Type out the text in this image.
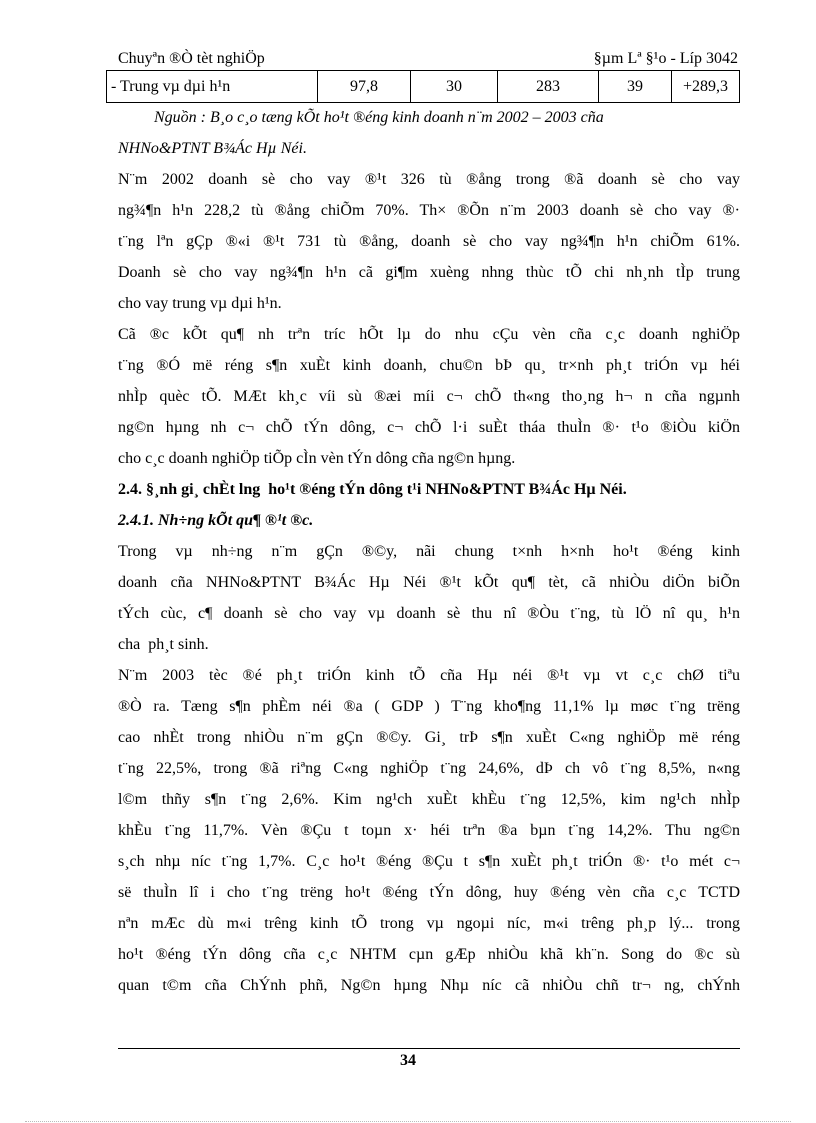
Chuyªn ®Ò tèt nghiÖp	§µm Lª §¹o - Líp 3042
- Trung vµ dµi h¹n	97,8	30	283	39	+289,3
Nguồn : B¸o c¸o tæng kÕt ho¹t ®éng kinh doanh n¨m 2002 – 2003 cña
NHNo&PTNT B¾Ác Hµ Néi.
N¨m 2002 doanh sè cho vay ®¹t 326 tù ®ång trong ®ã doanh sè cho vay
ng¾¶n h¹n 228,2 tù ®ång chiÕm 70%. Th× ®Õn n¨m 2003 doanh sè cho vay ®·
t¨ng lªn gÇp ®«i ®¹t 731 tù ®ång, doanh sè cho vay ng¾¶n h¹n chiÕm 61%.
Doanh sè cho vay ng¾¶n h¹n cã gi¶m xuèng nhng thùc tÕ chi nh¸nh tÌp trung
cho vay trung vµ dµi h¹n.
Cã ®c kÕt qu¶ nh trªn tríc hÕt lµ do nhu cÇu vèn cña c¸c doanh nghiÖp
t¨ng ®Ó më réng s¶n xuÈt kinh doanh, chu©n bÞ qu¸ tr×nh ph¸t triÓn vµ héi
nhÌp quèc tÕ. MÆt kh¸c víi sù ®æi míi c¬ chÕ th«ng tho¸ng h¬ n cña ngµnh
ng©n hµng nh c¬ chÕ tÝn dông, c¬ chÕ l·i suÈt tháa thuÌn ®· t¹o ®iÒu kiÖn
cho c¸c doanh nghiÖp tiÕp cÌn vèn tÝn dông cña ng©n hµng.
2.4. §¸nh gi¸ chÈt lng  ho¹t ®éng tÝn dông t¹i NHNo&PTNT B¾Ác Hµ Néi.
2.4.1. Nh÷ng kÕt qu¶ ®¹t ®c.
Trong vµ nh÷ng n¨m gÇn ®©y, nãi chung t×nh h×nh ho¹t ®éng kinh
doanh cña NHNo&PTNT B¾Ác Hµ Néi ®¹t kÕt qu¶ tèt, cã nhiÒu diÖn biÕn
tÝch cùc, c¶ doanh sè cho vay vµ doanh sè thu nî ®Òu t¨ng, tù lÖ nî qu¸ h¹n
cha  ph¸t sinh.
N¨m 2003 tèc ®é ph¸t triÓn kinh tÕ cña Hµ néi ®¹t vµ vt c¸c chØ tiªu
®Ò ra. Tæng s¶n phÈm néi ®a ( GDP ) T¨ng kho¶ng 11,1% lµ møc t¨ng trëng
cao nhÈt trong nhiÒu n¨m gÇn ®©y. Gi¸ trÞ s¶n xuÈt C«ng nghiÖp më réng
t¨ng 22,5%, trong ®ã riªng C«ng nghiÖp t¨ng 24,6%, dÞ ch vô t¨ng 8,5%, n«ng
l©m thñy s¶n t¨ng 2,6%. Kim ng¹ch xuÈt khÈu t¨ng 12,5%, kim ng¹ch nhÌp
khÈu t¨ng 11,7%. Vèn ®Çu t toµn x· héi trªn ®a bµn t¨ng 14,2%. Thu ng©n
s¸ch nhµ níc t¨ng 1,7%. C¸c ho¹t ®éng ®Çu t s¶n xuÈt ph¸t triÓn ®· t¹o mét c¬
së thuÌn lî i cho t¨ng trëng ho¹t ®éng tÝn dông, huy ®éng vèn cña c¸c TCTD
nªn mÆc dù m«i trêng kinh tÕ trong vµ ngoµi níc, m«i trêng ph¸p lý... trong
ho¹t ®éng tÝn dông cña c¸c NHTM cµn gÆp nhiÒu khã kh¨n. Song do ®c sù
quan t©m cña ChÝnh phñ, Ng©n hµng Nhµ níc cã nhiÒu chñ tr¬ ng, chÝnh
34
